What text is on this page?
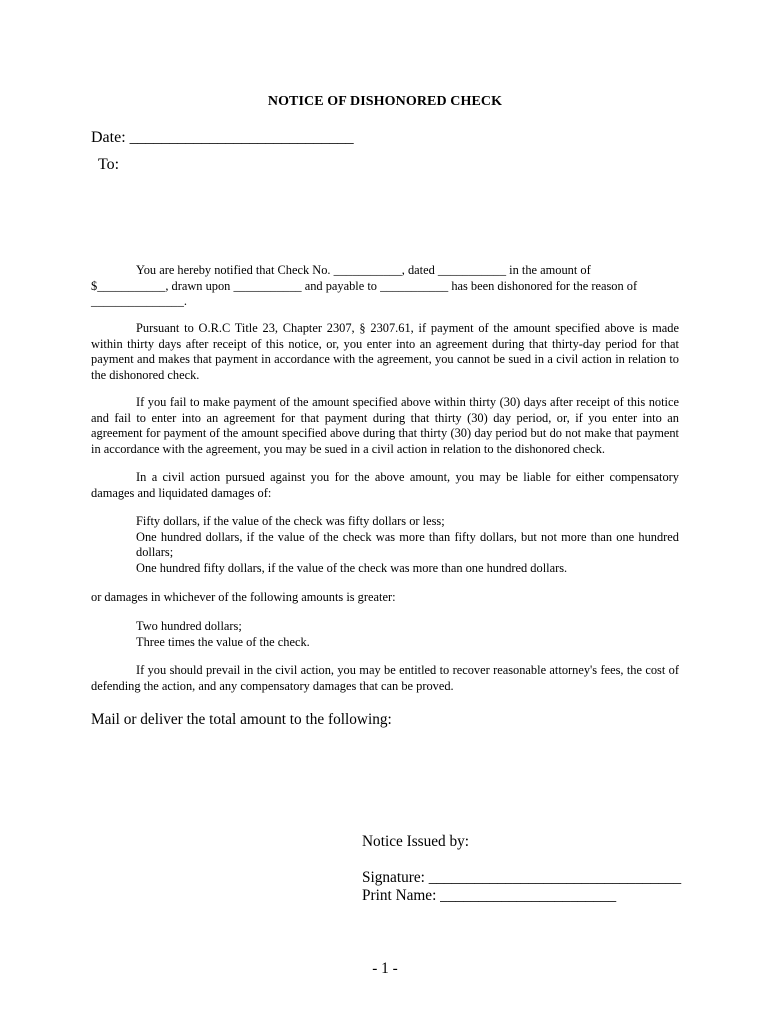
NOTICE OF DISHONORED CHECK
Date: ____________________________
To:

You are hereby notified that Check No. ___________, dated ___________ in the amount of

$___________, drawn upon ___________ and payable to ___________ has been dishonored for the reason of

_______________.

Pursuant to O.R.C Title 23, Chapter 2307, § 2307.61, if payment of the amount specified above is made within thirty days after receipt of this notice, or, you enter into an agreement during that thirty-day period for that payment and makes that payment in accordance with the agreement, you cannot be sued in a civil action in relation to the dishonored check.

If you fail to make payment of the amount specified above within thirty (30) days after receipt of this notice and fail to enter into an agreement for that payment during that thirty (30) day period, or, if you enter into an agreement for payment of the amount specified above during that thirty (30) day period but do not make that payment in accordance with the agreement, you may be sued in a civil action in relation to the dishonored check.

In a civil action pursued against you for the above amount, you may be liable for either compensatory damages and liquidated damages of:

Fifty dollars, if the value of the check was fifty dollars or less;

One hundred dollars, if the value of the check was more than fifty dollars, but not more than one hundred dollars;

One hundred fifty dollars, if the value of the check was more than one hundred dollars.

or damages in whichever of the following amounts is greater:

Two hundred dollars;

Three times the value of the check.

If you should prevail in the civil action, you may be entitled to recover reasonable attorney's fees, the cost of defending the action, and any compensatory damages that can be proved.

Mail or deliver the total amount to the following:
Notice Issued by:
Signature: _________________________________
Print Name: _______________________
- 1 -
